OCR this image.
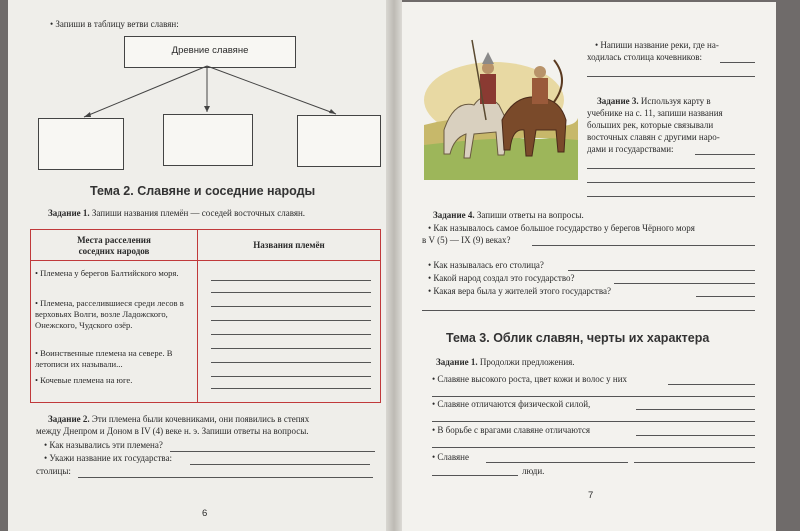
• Запиши в таблицу ветви славян:
Древние славяне
Тема 2. Славяне и соседние народы
Задание 1. Запиши названия племён — соседей восточных славян.
Места расселения
соседних народов
Названия племён
• Племена у берегов Балтийского моря.
• Племена, расселившиеся среди лесов в верховьях Волги, возле Ладожского, Онежского, Чудского озёр.
• Воинственные племена на севере. В летописи их называли...
• Кочевые племена на юге.
Задание 2. Эти племена были кочевниками, они появились в степях
между Днепром и Доном в IV (4) веке н. э. Запиши ответы на вопросы.
• Как назывались эти племена?
• Укажи название их государства:
столицы:
6
• Напиши название реки, где на-
ходилась столица кочевников:
Задание 3. Используя карту в
учебнике на с. 11, запиши названия
больших рек, которые связывали
восточных славян с другими наро-
дами и государствами:
Задание 4. Запиши ответы на вопросы.
• Как называлось самое большое государство у берегов Чёрного моря
в V (5) — IX (9) веках?
• Как называлась его столица?
• Какой народ создал это государство?
• Какая вера была у жителей этого государства?
Тема 3. Облик славян, черты их характера
Задание 1. Продолжи предложения.
• Славяне высокого роста, цвет кожи и волос у них
• Славяне отличаются физической силой,
• В борьбе с врагами славяне отличаются
• Славяне
люди.
7
